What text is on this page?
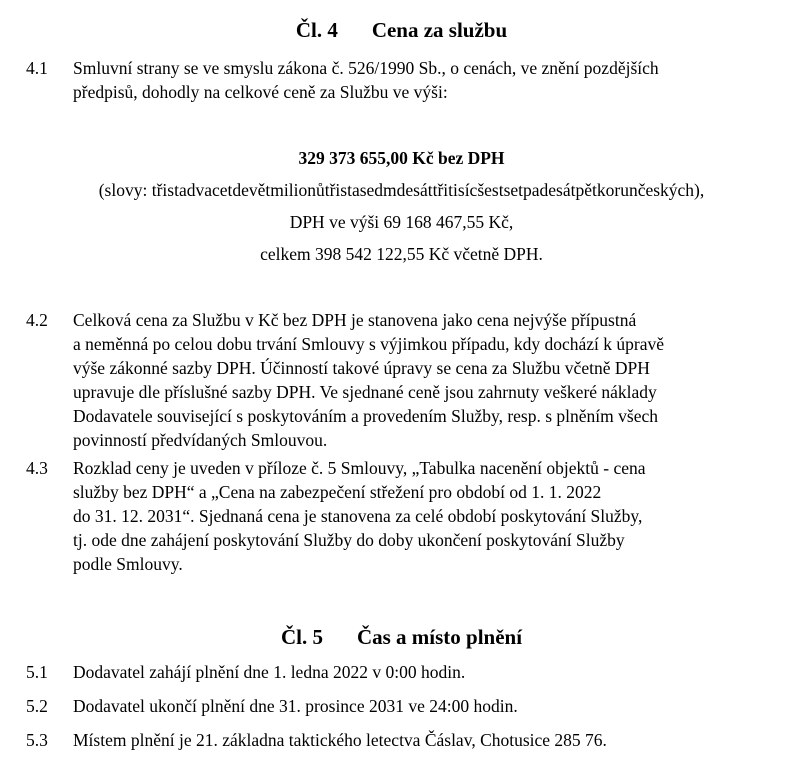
Čl. 4 Cena za službu
4.1 Smluvní strany se ve smyslu zákona č. 526/1990 Sb., o cenách, ve znění pozdějších
předpisů, dohodly na celkové ceně za Službu ve výši:
329 373 655,00 Kč bez DPH
(slovy: třistadvacetdevětmilionůtřistasedmdesáttřitisícšestsetpadesátpětkorunčeských),
DPH ve výši 69 168 467,55 Kč,
celkem 398 542 122,55 Kč včetně DPH.
4.2 Celková cena za Službu v Kč bez DPH je stanovena jako cena nejvýše přípustná
a neměnná po celou dobu trvání Smlouvy s výjimkou případu, kdy dochází k úpravě
výše zákonné sazby DPH. Účinností takové úpravy se cena za Službu včetně DPH
upravuje dle příslušné sazby DPH. Ve sjednané ceně jsou zahrnuty veškeré náklady
Dodavatele související s poskytováním a provedením Služby, resp. s plněním všech
povinností předvídaných Smlouvou.
4.3 Rozklad ceny je uveden v příloze č. 5 Smlouvy, „Tabulka nacenění objektů - cena
služby bez DPH“ a „Cena na zabezpečení střežení pro období od 1. 1. 2022
do 31. 12. 2031“. Sjednaná cena je stanovena za celé období poskytování Služby,
tj. ode dne zahájení poskytování Služby do doby ukončení poskytování Služby
podle Smlouvy.
Čl. 5 Čas a místo plnění
5.1 Dodavatel zahájí plnění dne 1. ledna 2022 v 0:00 hodin.
5.2 Dodavatel ukončí plnění dne 31. prosince 2031 ve 24:00 hodin.
5.3 Místem plnění je 21. základna taktického letectva Čáslav, Chotusice 285 76.
